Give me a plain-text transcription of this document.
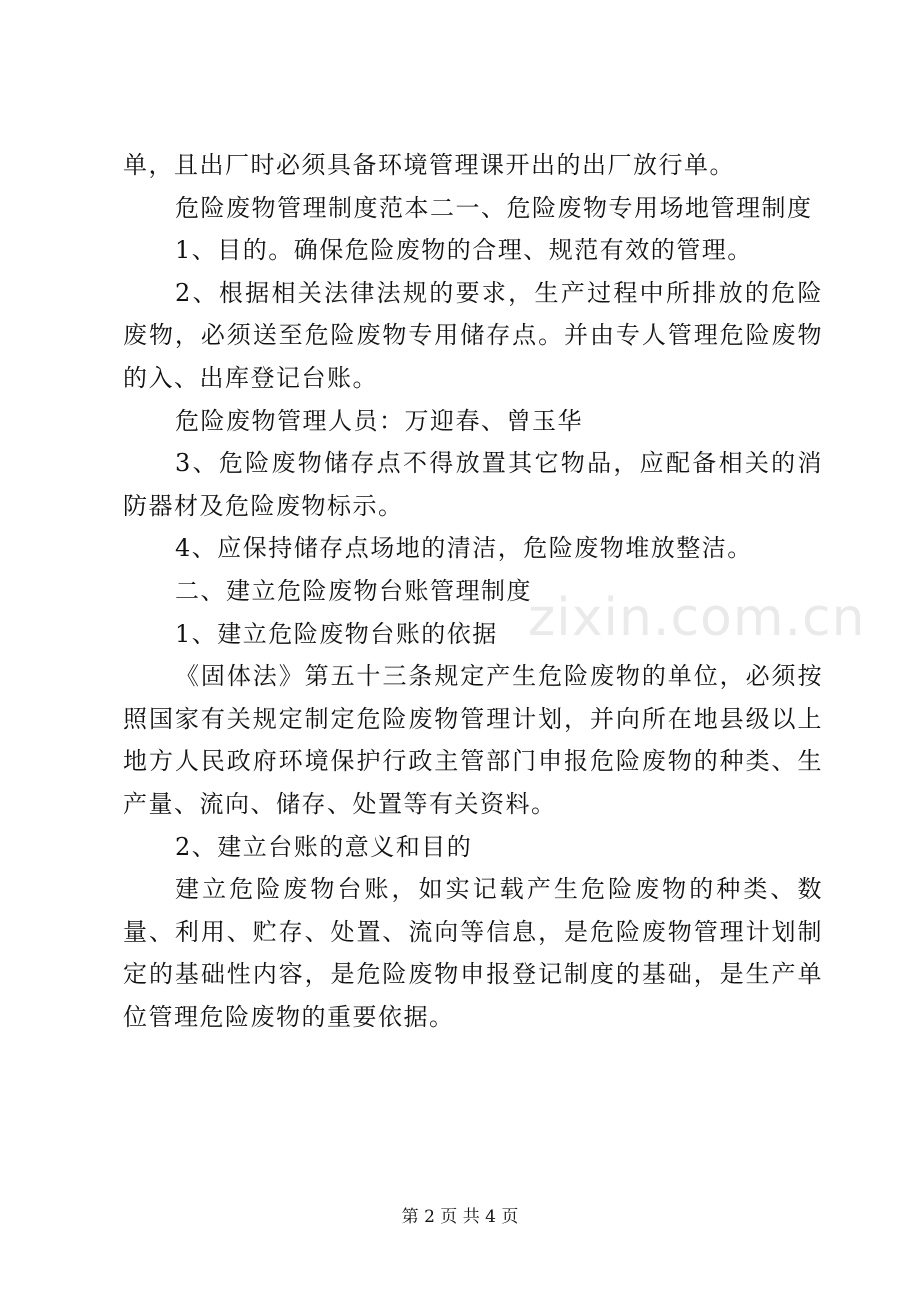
单，且出厂时必须具备环境管理课开出的出厂放行单。

危险废物管理制度范本二一、危险废物专用场地管理制度

1、目的。确保危险废物的合理、规范有效的管理。

2、根据相关法律法规的要求，生产过程中所排放的危险废物，必须送至危险废物专用储存点。并由专人管理危险废物的入、出库登记台账。

危险废物管理人员：万迎春、曾玉华

3、危险废物储存点不得放置其它物品，应配备相关的消防器材及危险废物标示。

4、应保持储存点场地的清洁，危险废物堆放整洁。

二、建立危险废物台账管理制度

1、建立危险废物台账的依据

《固体法》第五十三条规定产生危险废物的单位，必须按照国家有关规定制定危险废物管理计划，并向所在地县级以上地方人民政府环境保护行政主管部门申报危险废物的种类、生产量、流向、储存、处置等有关资料。

2、建立台账的意义和目的

建立危险废物台账，如实记载产生危险废物的种类、数量、利用、贮存、处置、流向等信息，是危险废物管理计划制定的基础性内容，是危险废物申报登记制度的基础，是生产单位管理危险废物的重要依据。

zixin.com.cn
第 2 页 共 4 页
